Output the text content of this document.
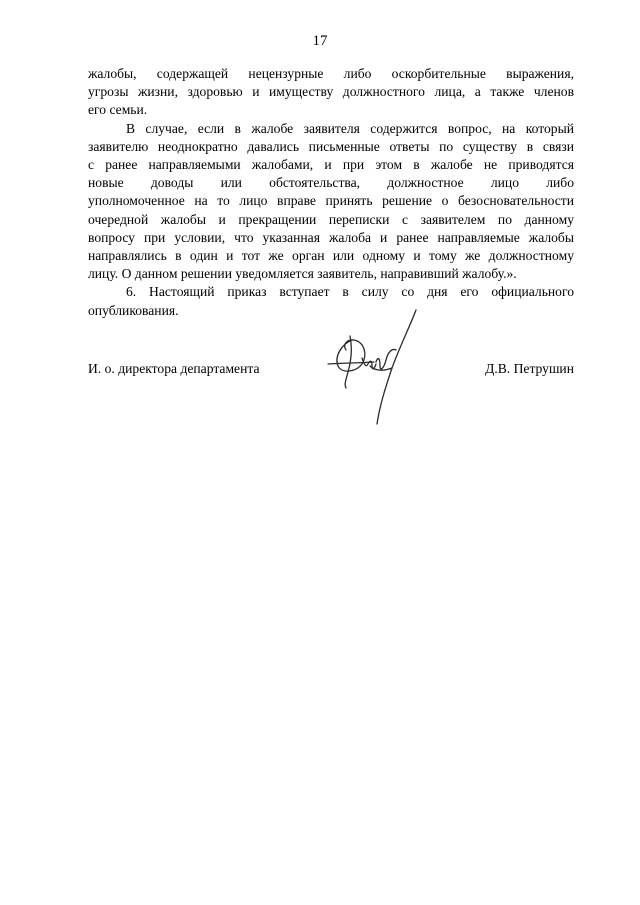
17

жалобы, содержащей нецензурные либо оскорбительные выражения,
угрозы жизни, здоровью и имуществу должностного лица, а также членов
его семьи.

В случае, если в жалобе заявителя содержится вопрос, на который
заявителю неоднократно давались письменные ответы по существу в связи
с ранее направляемыми жалобами, и при этом в жалобе не приводятся
новые доводы или обстоятельства, должностное лицо либо
уполномоченное на то лицо вправе принять решение о безосновательности
очередной жалобы и прекращении переписки с заявителем по данному
вопросу при условии, что указанная жалоба и ранее направляемые жалобы
направлялись в один и тот же орган или одному и тому же должностному
лицу. О данном решении уведомляется заявитель, направивший жалобу.».

6. Настоящий приказ вступает в силу со дня его официального
опубликования.

И. о. директора департамента	Д.В. Петрушин
